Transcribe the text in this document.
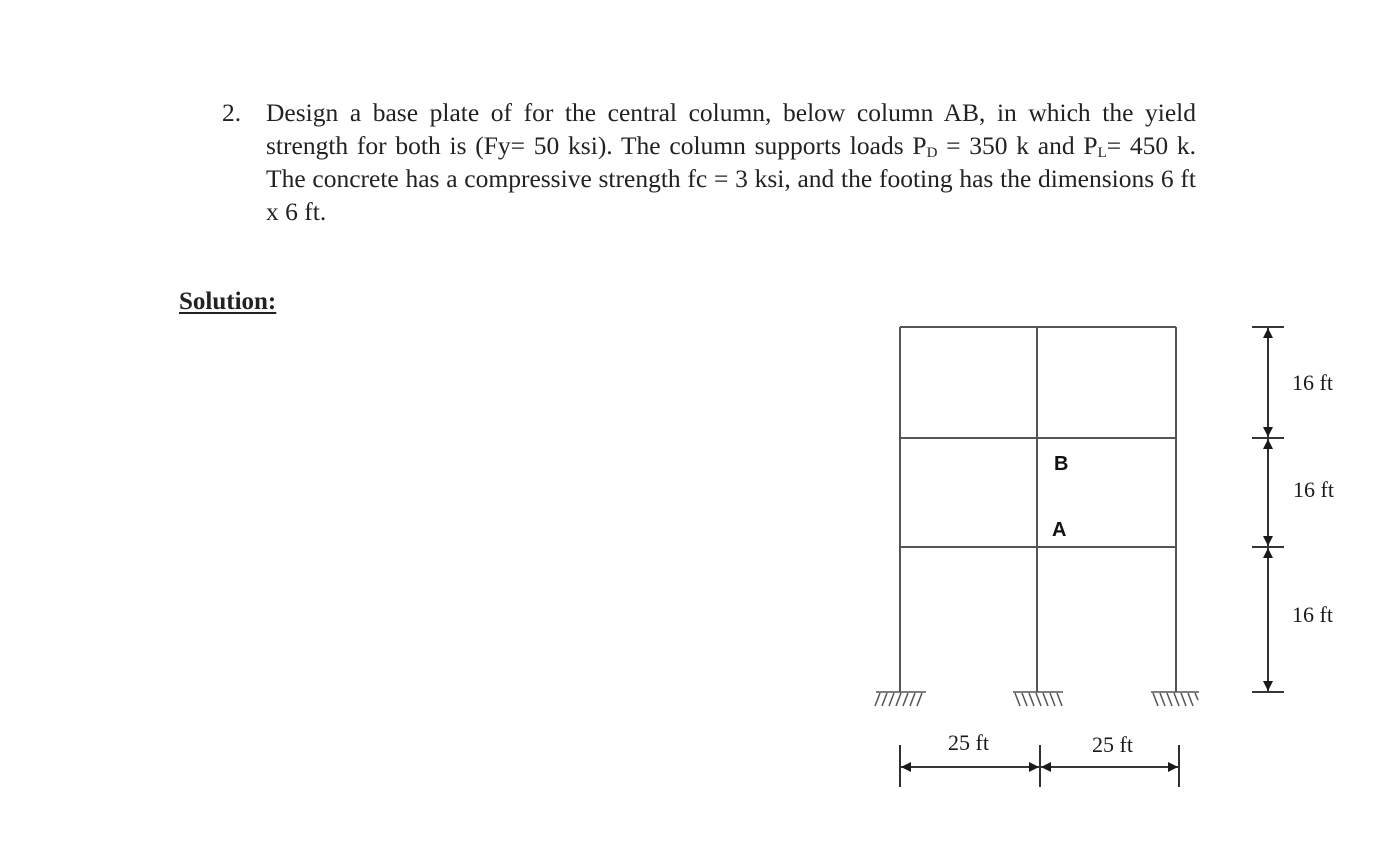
2. Design a base plate of for the central column, below column AB, in which the yield strength for both is (Fy= 50 ksi). The column supports loads $P_D = 350$ k and $P_L= 450$ k. The concrete has a compressive strength fc = 3 ksi, and the footing has the dimensions 6 ft x 6 ft.
Solution:
B
A
25 ft	25 ft
16 ft
16 ft
16 ft
